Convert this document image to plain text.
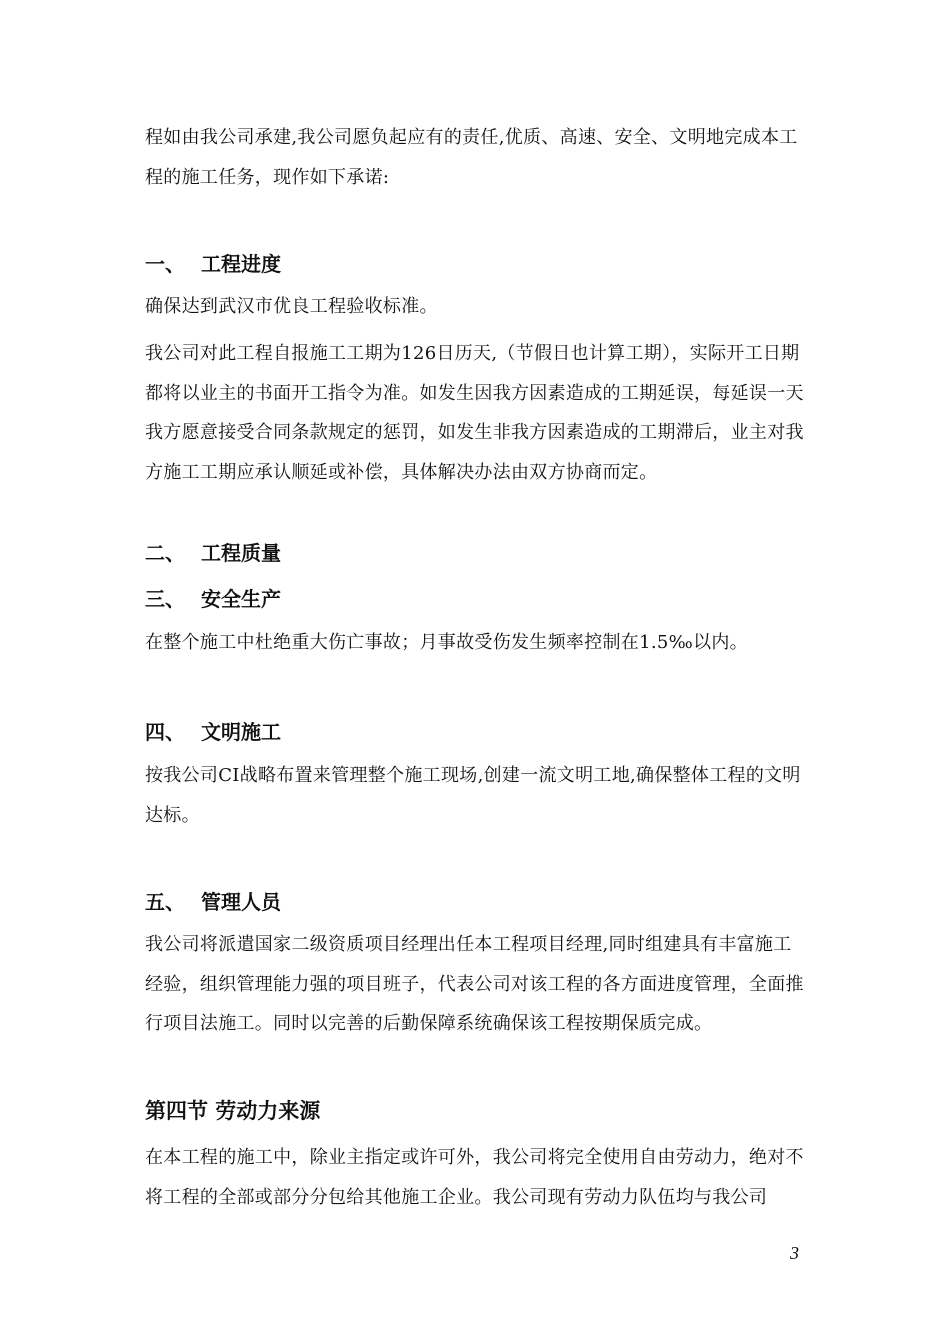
程如由我公司承建,我公司愿负起应有的责任,优质、高速、安全、文明地完成本工程的施工任务，现作如下承诺:

一、 工程进度

确保达到武汉市优良工程验收标准。

我公司对此工程自报施工工期为126日历天,（节假日也计算工期），实际开工日期都将以业主的书面开工指令为准。如发生因我方因素造成的工期延误，每延误一天我方愿意接受合同条款规定的惩罚，如发生非我方因素造成的工期滞后，业主对我方施工工期应承认顺延或补偿，具体解决办法由双方协商而定。

二、 工程质量
三、 安全生产

在整个施工中杜绝重大伤亡事故；月事故受伤发生频率控制在1.5‰以内。

四、 文明施工

按我公司CI战略布置来管理整个施工现场,创建一流文明工地,确保整体工程的文明达标。

五、 管理人员

我公司将派遣国家二级资质项目经理出任本工程项目经理,同时组建具有丰富施工经验，组织管理能力强的项目班子，代表公司对该工程的各方面进度管理，全面推行项目法施工。同时以完善的后勤保障系统确保该工程按期保质完成。

第四节 劳动力来源

在本工程的施工中，除业主指定或许可外，我公司将完全使用自由劳动力，绝对不将工程的全部或部分分包给其他施工企业。我公司现有劳动力队伍均与我公司

3
